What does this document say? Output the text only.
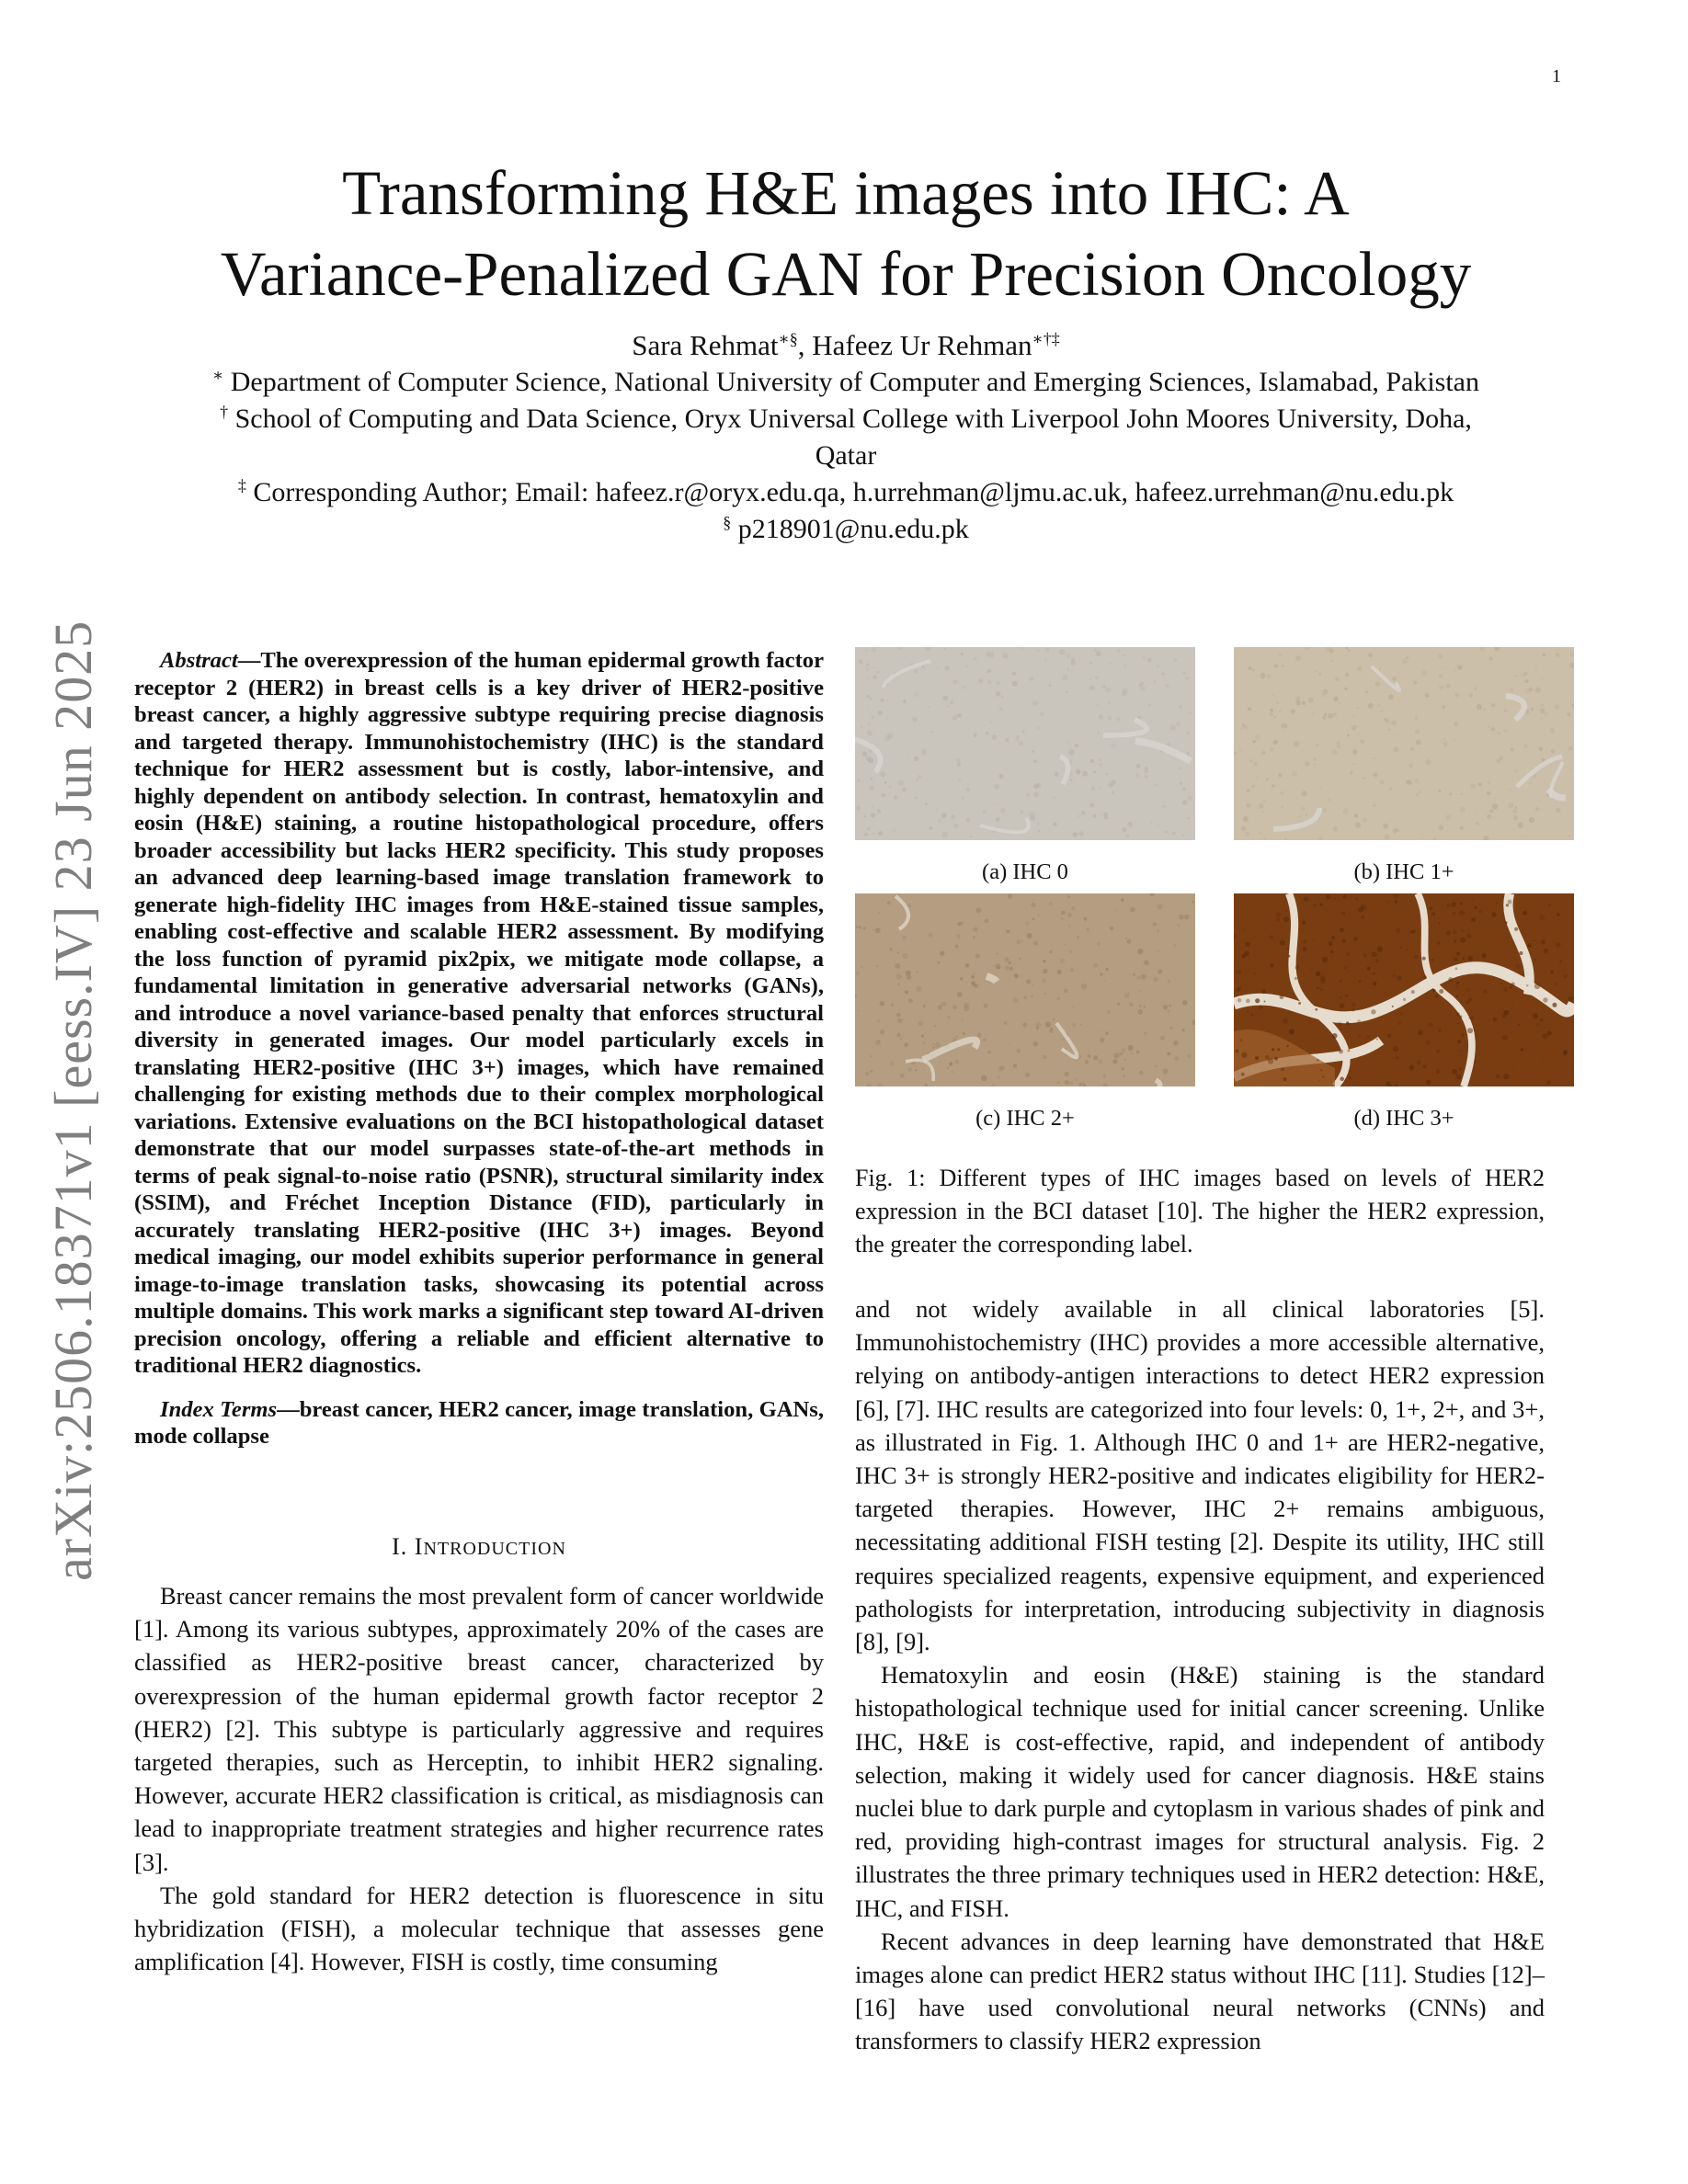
1
arXiv:2506.18371v1 [eess.IV] 23 Jun 2025
Transforming H&E images into IHC: A
Variance-Penalized GAN for Precision Oncology
Sara Rehmat∗§, Hafeez Ur Rehman∗†‡
∗ Department of Computer Science, National University of Computer and Emerging Sciences, Islamabad, Pakistan
† School of Computing and Data Science, Oryx Universal College with Liverpool John Moores University, Doha,
Qatar
‡ Corresponding Author; Email: hafeez.r@oryx.edu.qa, h.urrehman@ljmu.ac.uk, hafeez.urrehman@nu.edu.pk
§ p218901@nu.edu.pk

Abstract—The overexpression of the human epidermal growth factor receptor 2 (HER2) in breast cells is a key driver of HER2-positive breast cancer, a highly aggressive subtype requiring precise diagnosis and targeted therapy. Immunohistochemistry (IHC) is the standard technique for HER2 assessment but is costly, labor-intensive, and highly dependent on antibody selection. In contrast, hematoxylin and eosin (H&E) staining, a routine histopathological procedure, offers broader accessibility but lacks HER2 specificity. This study proposes an advanced deep learning-based image translation framework to generate high-fidelity IHC images from H&E-stained tissue samples, enabling cost-effective and scalable HER2 assessment. By modifying the loss function of pyramid pix2pix, we mitigate mode collapse, a fundamental limitation in generative adversarial networks (GANs), and introduce a novel variance-based penalty that enforces structural diversity in generated images. Our model particularly excels in translating HER2-positive (IHC 3+) images, which have remained challenging for existing methods due to their complex morphological variations. Extensive evaluations on the BCI histopathological dataset demonstrate that our model surpasses state-of-the-art methods in terms of peak signal-to-noise ratio (PSNR), structural similarity index (SSIM), and Fréchet Inception Distance (FID), particularly in accurately translating HER2-positive (IHC 3+) images. Beyond medical imaging, our model exhibits superior performance in general image-to-image translation tasks, showcasing its potential across multiple domains. This work marks a significant step toward AI-driven precision oncology, offering a reliable and efficient alternative to traditional HER2 diagnostics.

Index Terms—breast cancer, HER2 cancer, image translation, GANs, mode collapse

I. INTRODUCTION

Breast cancer remains the most prevalent form of cancer worldwide [1]. Among its various subtypes, approximately 20% of the cases are classified as HER2-positive breast cancer, characterized by overexpression of the human epidermal growth factor receptor 2 (HER2) [2]. This subtype is particularly aggressive and requires targeted therapies, such as Herceptin, to inhibit HER2 signaling. However, accurate HER2 classification is critical, as misdiagnosis can lead to inappropriate treatment strategies and higher recurrence rates [3].

The gold standard for HER2 detection is fluorescence in situ hybridization (FISH), a molecular technique that assesses gene amplification [4]. However, FISH is costly, time consuming

(a) IHC 0	(b) IHC 1+
(c) IHC 2+	(d) IHC 3+
Fig. 1: Different types of IHC images based on levels of HER2 expression in the BCI dataset [10]. The higher the HER2 expression, the greater the corresponding label.

and not widely available in all clinical laboratories [5]. Immunohistochemistry (IHC) provides a more accessible alternative, relying on antibody-antigen interactions to detect HER2 expression [6], [7]. IHC results are categorized into four levels: 0, 1+, 2+, and 3+, as illustrated in Fig. 1. Although IHC 0 and 1+ are HER2-negative, IHC 3+ is strongly HER2-positive and indicates eligibility for HER2-targeted therapies. However, IHC 2+ remains ambiguous, necessitating additional FISH testing [2]. Despite its utility, IHC still requires specialized reagents, expensive equipment, and experienced pathologists for interpretation, introducing subjectivity in diagnosis [8], [9].

Hematoxylin and eosin (H&E) staining is the standard histopathological technique used for initial cancer screening. Unlike IHC, H&E is cost-effective, rapid, and independent of antibody selection, making it widely used for cancer diagnosis. H&E stains nuclei blue to dark purple and cytoplasm in various shades of pink and red, providing high-contrast images for structural analysis. Fig. 2 illustrates the three primary techniques used in HER2 detection: H&E, IHC, and FISH.

Recent advances in deep learning have demonstrated that H&E images alone can predict HER2 status without IHC [11]. Studies [12]–[16] have used convolutional neural networks (CNNs) and transformers to classify HER2 expression
